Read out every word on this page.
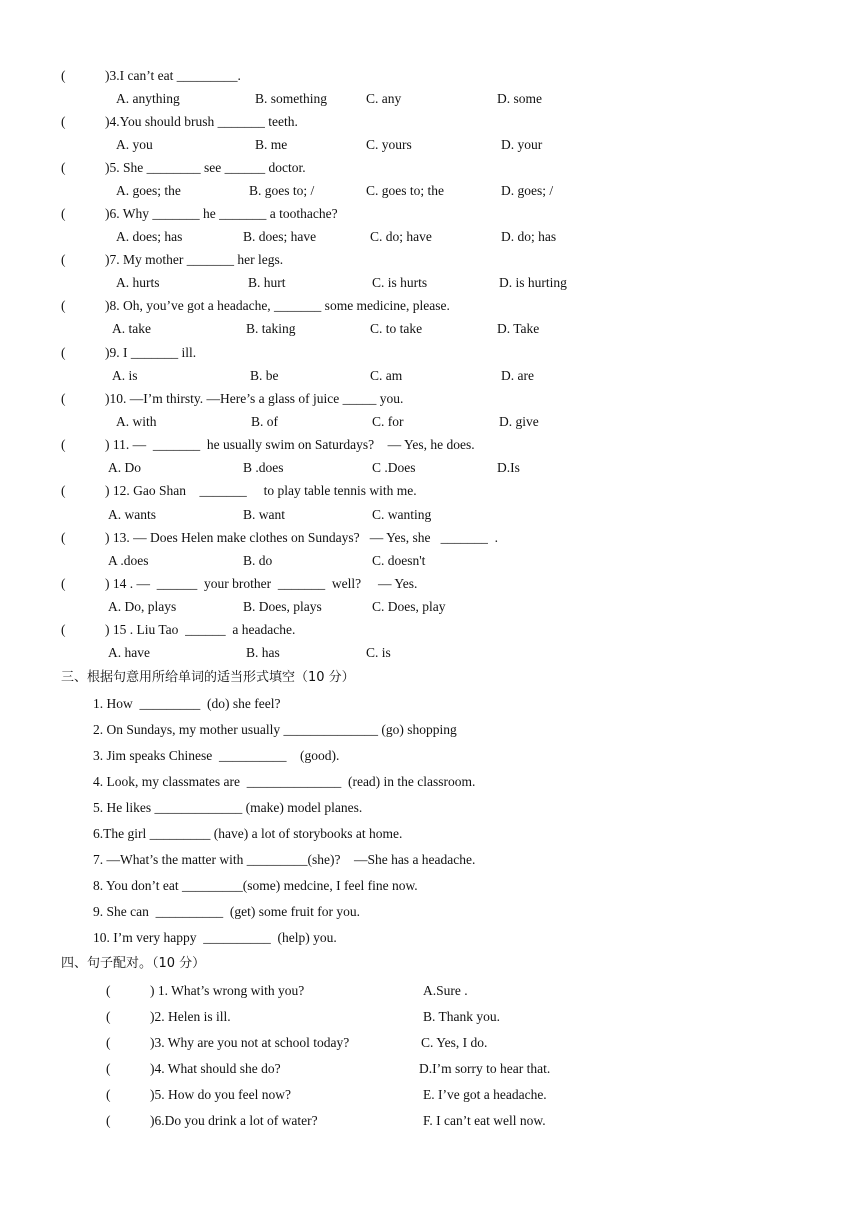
(	)3.I can’t eat _________.
A. anything	B. something	C. any	D. some
(	)4.You should brush _______ teeth.
A. you	B. me	C. yours	D. your
(	)5. She ________ see ______ doctor.
A. goes; the	B. goes to; /	C. goes to; the	D. goes; /
(	)6. Why _______ he _______ a toothache?
A. does; has	B. does; have	C. do; have	D. do; has
(	)7. My mother _______ her legs.
A. hurts	B. hurt	C. is hurts	D. is hurting
(	)8. Oh, you’ve got a headache, _______ some medicine, please.
A. take	B. taking	C. to take	D. Take
(	)9. I _______ ill.
A. is	B. be	C. am	D. are
(	)10. —I’m thirsty. —Here’s a glass of juice _____ you.
A. with	B. of	C. for	D. give
(	) 11. —  _______  he usually swim on Saturdays?    — Yes, he does.
A. Do	B .does	C .Does	D.Is
(	) 12. Gao Shan    _______     to play table tennis with me.
A. wants	B. want	C. wanting
(	) 13. — Does Helen make clothes on Sundays?   — Yes, she   _______  .
A .does	B. do	C. doesn't
(	) 14 . —  ______  your brother  _______  well?     — Yes.
A. Do, plays	B. Does, plays	C. Does, play
(	) 15 . Liu Tao  ______  a headache.
A. have	B. has	C. is
三、根据句意用所给单词的适当形式填空（10 分）
1. How  _________  (do) she feel?
2. On Sundays, my mother usually ______________ (go) shopping
3. Jim speaks Chinese  __________    (good).
4. Look, my classmates are  ______________  (read) in the classroom.
5. He likes _____________ (make) model planes.
6.The girl _________ (have) a lot of storybooks at home.
7. —What’s the matter with _________(she)?    —She has a headache.
8. You don’t eat _________(some) medcine, I feel fine now.
9. She can  __________  (get) some fruit for you.
10. I’m very happy  __________  (help) you.
四、句子配对。（10 分）
(	) 1. What’s wrong with you?	A.Sure .
(	)2. Helen is ill.	B. Thank you.
(	)3. Why are you not at school today?	C. Yes, I do.
(	)4. What should she do?	D.I’m sorry to hear that.
(	)5. How do you feel now?	E. I’ve got a headache.
(	)6.Do you drink a lot of water?	F. I can’t eat well now.
